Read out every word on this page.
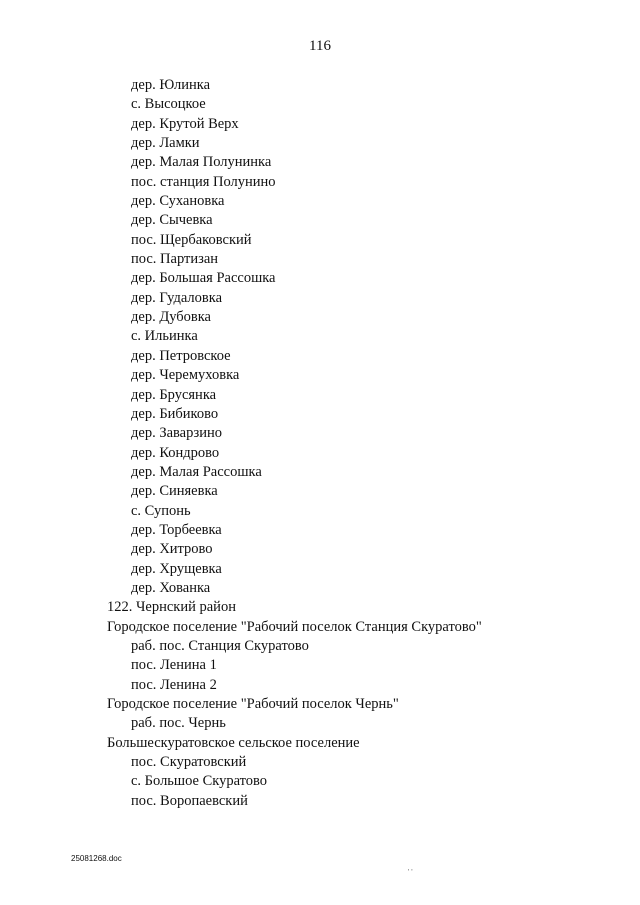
116
дер. Юлинка
с. Высоцкое
дер. Крутой Верх
дер. Ламки
дер. Малая Полунинка
пос. станция Полунино
дер. Сухановка
дер. Сычевка
пос. Щербаковский
пос. Партизан
дер. Большая Рассошка
дер. Гудаловка
дер. Дубовка
с. Ильинка
дер. Петровское
дер. Черемуховка
дер. Брусянка
дер. Бибиково
дер. Заварзино
дер. Кондрово
дер. Малая Рассошка
дер. Синяевка
с. Супонь
дер. Торбеевка
дер. Хитрово
дер. Хрущевка
дер. Хованка
122. Чернский район
Городское поселение "Рабочий поселок Станция Скуратово"
раб. пос. Станция Скуратово
пос. Ленина 1
пос. Ленина 2
Городское поселение "Рабочий поселок Чернь"
раб. пос. Чернь
Большескуратовское сельское поселение
пос. Скуратовский
с. Большое Скуратово
пос. Воропаевский
25081268.doc
' '
